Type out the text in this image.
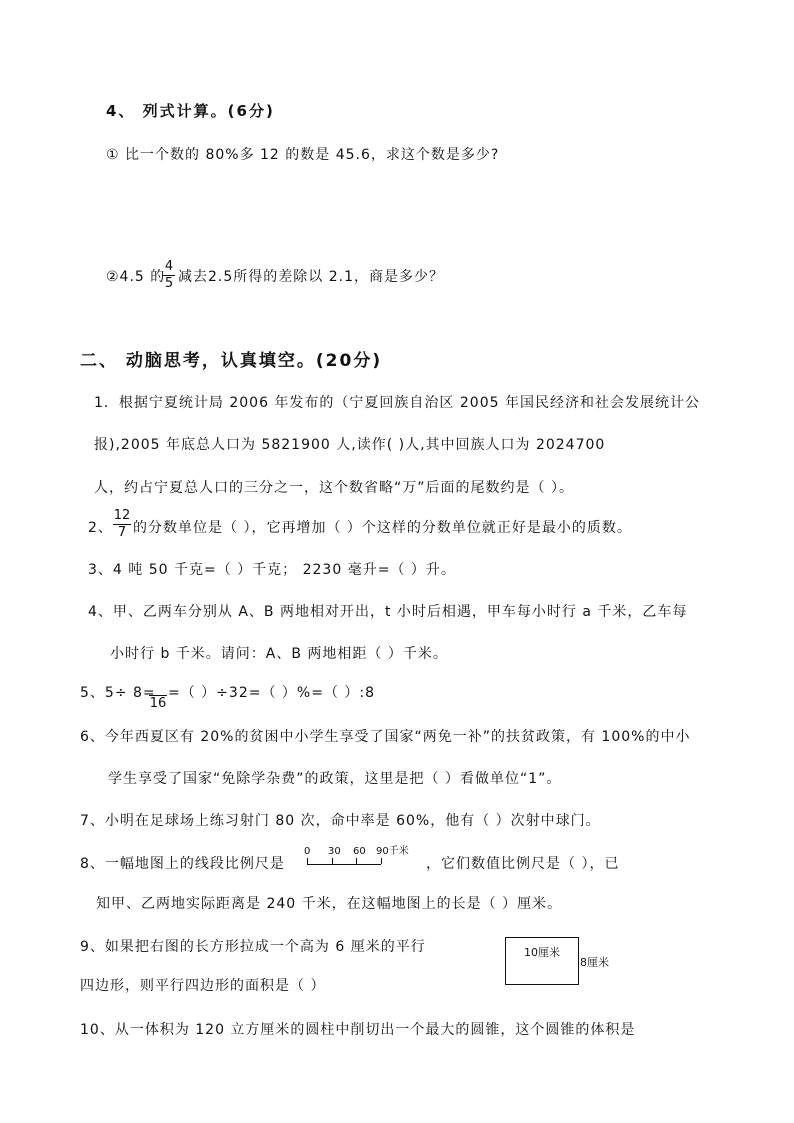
4、 列式计算。(6分)
① 比一个数的 80%多 12 的数是 45.6，求这个数是多少?
②4.5 的
4
5 减去2.5所得的差除以 2.1，商是多少？
二、 动脑思考，认真填空。(20分)
1．根据宁夏统计局 2006 年发布的（宁夏回族自治区 2005 年国民经济和社会发展统计公
报),2005 年底总人口为 5821900 人,读作( )人,其中回族人口为 2024700
人，约占宁夏总人口的三分之一，这个数省略“万”后面的尾数约是（ ）。
2、
12
7 的分数单位是（ ），它再增加（ ）个这样的分数单位就正好是最小的质数。
3、4 吨 50 千克=（ ）千克； 2230 毫升=（ ）升。
4、甲、乙两车分别从 A、B 两地相对开出，t 小时后相遇，甲车每小时行 a 千米，乙车每
小时行 b 千米。请问：A、B 两地相距（ ）千米。
5、5÷ 8=
16
=（ ）÷32=（ ）%=（ ）:8
6、今年西夏区有 20%的贫困中小学生享受了国家“两免一补”的扶贫政策，有 100%的中小
学生享受了国家“免除学杂费”的政策，这里是把（ ）看做单位“1”。
7、小明在足球场上练习射门 80 次，命中率是 60%，他有（ ）次射中球门。
8、一幅地图上的线段比例尺是
0 30 60 90千米
，它们数值比例尺是（ ），已
知甲、乙两地实际距离是 240 千米，在这幅地图上的长是（ ）厘米。
9、如果把右图的长方形拉成一个高为 6 厘米的平行
四边形，则平行四边形的面积是（ ）
10厘米
8厘米
10、从一体积为 120 立方厘米的圆柱中削切出一个最大的圆锥，这个圆锥的体积是
